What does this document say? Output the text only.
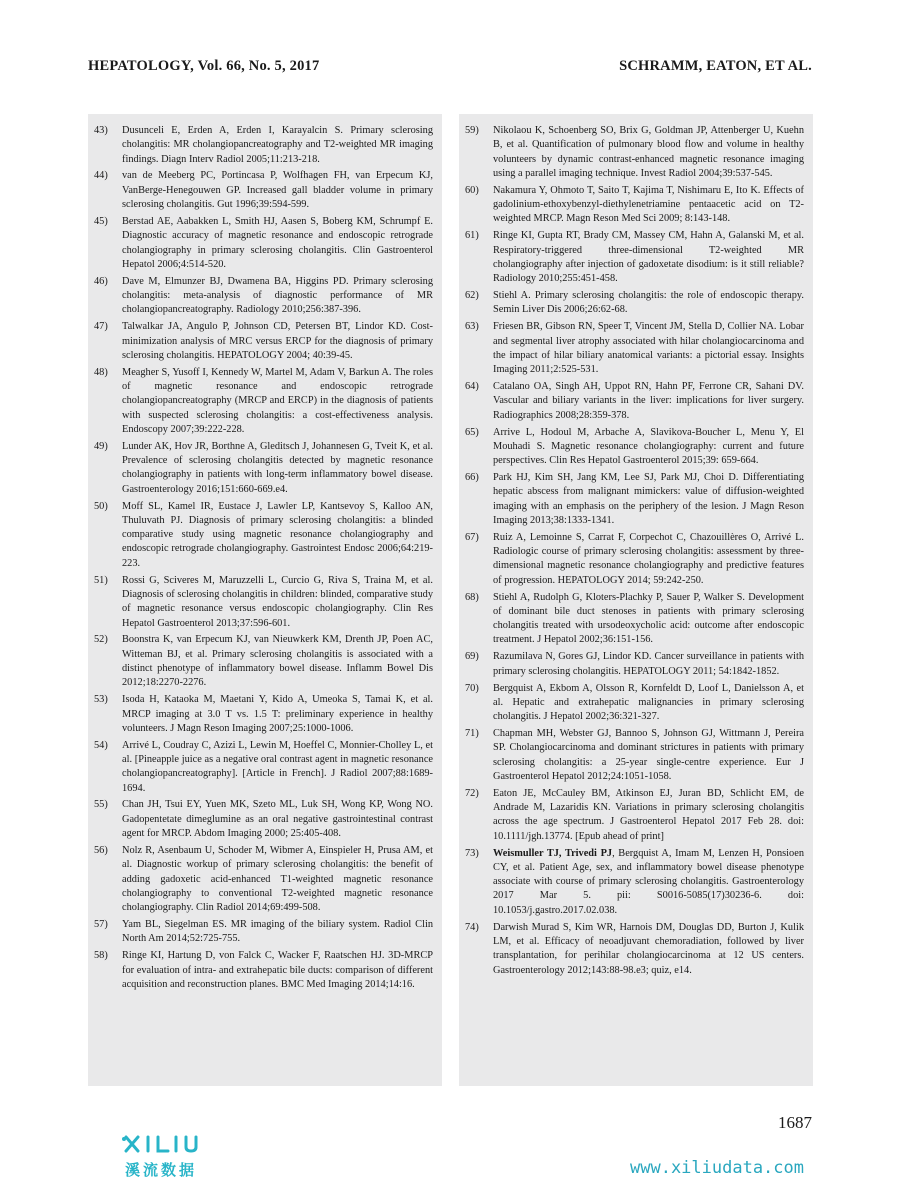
HEPATOLOGY, Vol. 66, No. 5, 2017	SCHRAMM, EATON, ET AL.
43)	Dusunceli E, Erden A, Erden I, Karayalcin S. Primary sclerosing cholangitis: MR cholangiopancreatography and T2-weighted MR imaging findings. Diagn Interv Radiol 2005;11:213-218.
44)	van de Meeberg PC, Portincasa P, Wolfhagen FH, van Erpecum KJ, VanBerge-Henegouwen GP. Increased gall bladder volume in primary sclerosing cholangitis. Gut 1996;39:594-599.
45)	Berstad AE, Aabakken L, Smith HJ, Aasen S, Boberg KM, Schrumpf E. Diagnostic accuracy of magnetic resonance and endoscopic retrograde cholangiography in primary sclerosing cholangitis. Clin Gastroenterol Hepatol 2006;4:514-520.
46)	Dave M, Elmunzer BJ, Dwamena BA, Higgins PD. Primary sclerosing cholangitis: meta-analysis of diagnostic performance of MR cholangiopancreatography. Radiology 2010;256:387-396.
47)	Talwalkar JA, Angulo P, Johnson CD, Petersen BT, Lindor KD. Cost-minimization analysis of MRC versus ERCP for the diagnosis of primary sclerosing cholangitis. HEPATOLOGY 2004; 40:39-45.
48)	Meagher S, Yusoff I, Kennedy W, Martel M, Adam V, Barkun A. The roles of magnetic resonance and endoscopic retrograde cholangiopancreatography (MRCP and ERCP) in the diagnosis of patients with suspected sclerosing cholangitis: a cost-effectiveness analysis. Endoscopy 2007;39:222-228.
49)	Lunder AK, Hov JR, Borthne A, Gleditsch J, Johannesen G, Tveit K, et al. Prevalence of sclerosing cholangitis detected by magnetic resonance cholangiography in patients with long-term inflammatory bowel disease. Gastroenterology 2016;151:660-669.e4.
50)	Moff SL, Kamel IR, Eustace J, Lawler LP, Kantsevoy S, Kalloo AN, Thuluvath PJ. Diagnosis of primary sclerosing cholangitis: a blinded comparative study using magnetic resonance cholangiography and endoscopic retrograde cholangiography. Gastrointest Endosc 2006;64:219-223.
51)	Rossi G, Sciveres M, Maruzzelli L, Curcio G, Riva S, Traina M, et al. Diagnosis of sclerosing cholangitis in children: blinded, comparative study of magnetic resonance versus endoscopic cholangiography. Clin Res Hepatol Gastroenterol 2013;37:596-601.
52)	Boonstra K, van Erpecum KJ, van Nieuwkerk KM, Drenth JP, Poen AC, Witteman BJ, et al. Primary sclerosing cholangitis is associated with a distinct phenotype of inflammatory bowel disease. Inflamm Bowel Dis 2012;18:2270-2276.
53)	Isoda H, Kataoka M, Maetani Y, Kido A, Umeoka S, Tamai K, et al. MRCP imaging at 3.0 T vs. 1.5 T: preliminary experience in healthy volunteers. J Magn Reson Imaging 2007;25:1000-1006.
54)	Arrivé L, Coudray C, Azizi L, Lewin M, Hoeffel C, Monnier-Cholley L, et al. [Pineapple juice as a negative oral contrast agent in magnetic resonance cholangiopancreatography]. [Article in French]. J Radiol 2007;88:1689-1694.
55)	Chan JH, Tsui EY, Yuen MK, Szeto ML, Luk SH, Wong KP, Wong NO. Gadopentetate dimeglumine as an oral negative gastrointestinal contrast agent for MRCP. Abdom Imaging 2000; 25:405-408.
56)	Nolz R, Asenbaum U, Schoder M, Wibmer A, Einspieler H, Prusa AM, et al. Diagnostic workup of primary sclerosing cholangitis: the benefit of adding gadoxetic acid-enhanced T1-weighted magnetic resonance cholangiography to conventional T2-weighted magnetic resonance cholangiography. Clin Radiol 2014;69:499-508.
57)	Yam BL, Siegelman ES. MR imaging of the biliary system. Radiol Clin North Am 2014;52:725-755.
58)	Ringe KI, Hartung D, von Falck C, Wacker F, Raatschen HJ. 3D-MRCP for evaluation of intra- and extrahepatic bile ducts: comparison of different acquisition and reconstruction planes. BMC Med Imaging 2014;14:16.
59)	Nikolaou K, Schoenberg SO, Brix G, Goldman JP, Attenberger U, Kuehn B, et al. Quantification of pulmonary blood flow and volume in healthy volunteers by dynamic contrast-enhanced magnetic resonance imaging using a parallel imaging technique. Invest Radiol 2004;39:537-545.
60)	Nakamura Y, Ohmoto T, Saito T, Kajima T, Nishimaru E, Ito K. Effects of gadolinium-ethoxybenzyl-diethylenetriamine pentaacetic acid on T2-weighted MRCP. Magn Reson Med Sci 2009; 8:143-148.
61)	Ringe KI, Gupta RT, Brady CM, Massey CM, Hahn A, Galanski M, et al. Respiratory-triggered three-dimensional T2-weighted MR cholangiography after injection of gadoxetate disodium: is it still reliable? Radiology 2010;255:451-458.
62)	Stiehl A. Primary sclerosing cholangitis: the role of endoscopic therapy. Semin Liver Dis 2006;26:62-68.
63)	Friesen BR, Gibson RN, Speer T, Vincent JM, Stella D, Collier NA. Lobar and segmental liver atrophy associated with hilar cholangiocarcinoma and the impact of hilar biliary anatomical variants: a pictorial essay. Insights Imaging 2011;2:525-531.
64)	Catalano OA, Singh AH, Uppot RN, Hahn PF, Ferrone CR, Sahani DV. Vascular and biliary variants in the liver: implications for liver surgery. Radiographics 2008;28:359-378.
65)	Arrive L, Hodoul M, Arbache A, Slavikova-Boucher L, Menu Y, El Mouhadi S. Magnetic resonance cholangiography: current and future perspectives. Clin Res Hepatol Gastroenterol 2015;39: 659-664.
66)	Park HJ, Kim SH, Jang KM, Lee SJ, Park MJ, Choi D. Differentiating hepatic abscess from malignant mimickers: value of diffusion-weighted imaging with an emphasis on the periphery of the lesion. J Magn Reson Imaging 2013;38:1333-1341.
67)	Ruiz A, Lemoinne S, Carrat F, Corpechot C, Chazouillères O, Arrivé L. Radiologic course of primary sclerosing cholangitis: assessment by three-dimensional magnetic resonance cholangiography and predictive features of progression. HEPATOLOGY 2014; 59:242-250.
68)	Stiehl A, Rudolph G, Kloters-Plachky P, Sauer P, Walker S. Development of dominant bile duct stenoses in patients with primary sclerosing cholangitis treated with ursodeoxycholic acid: outcome after endoscopic treatment. J Hepatol 2002;36:151-156.
69)	Razumilava N, Gores GJ, Lindor KD. Cancer surveillance in patients with primary sclerosing cholangitis. HEPATOLOGY 2011; 54:1842-1852.
70)	Bergquist A, Ekbom A, Olsson R, Kornfeldt D, Loof L, Danielsson A, et al. Hepatic and extrahepatic malignancies in primary sclerosing cholangitis. J Hepatol 2002;36:321-327.
71)	Chapman MH, Webster GJ, Bannoo S, Johnson GJ, Wittmann J, Pereira SP. Cholangiocarcinoma and dominant strictures in patients with primary sclerosing cholangitis: a 25-year single-centre experience. Eur J Gastroenterol Hepatol 2012;24:1051-1058.
72)	Eaton JE, McCauley BM, Atkinson EJ, Juran BD, Schlicht EM, de Andrade M, Lazaridis KN. Variations in primary sclerosing cholangitis across the age spectrum. J Gastroenterol Hepatol 2017 Feb 28. doi: 10.1111/jgh.13774. [Epub ahead of print]
73)	Weismuller TJ, Trivedi PJ, Bergquist A, Imam M, Lenzen H, Ponsioen CY, et al. Patient Age, sex, and inflammatory bowel disease phenotype associate with course of primary sclerosing cholangitis. Gastroenterology 2017 Mar 5. pii: S0016-5085(17)30236-6. doi: 10.1053/j.gastro.2017.02.038.
74)	Darwish Murad S, Kim WR, Harnois DM, Douglas DD, Burton J, Kulik LM, et al. Efficacy of neoadjuvant chemoradiation, followed by liver transplantation, for perihilar cholangiocarcinoma at 12 US centers. Gastroenterology 2012;143:88-98.e3; quiz, e14.
1687
溪流数据	www.xiliudata.com
